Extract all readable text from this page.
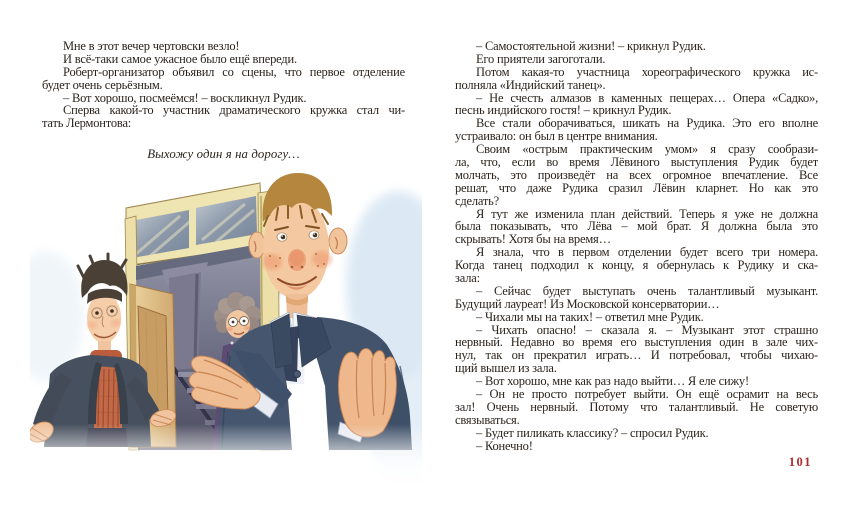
Мне в этот вечер чертовски везло!
И всё-таки самое ужасное было ещё впереди.
Роберт-организатор объявил со сцены, что первое отделение
будет очень серьёзным.
– Вот хорошо, посмеёмся! – воскликнул Рудик.
Сперва какой-то участник драматического кружка стал чи-
тать Лермонтова:
Выхожу один я на дорогу…
– Самостоятельной жизни! – крикнул Рудик.
Его приятели загоготали.
Потом какая-то участница хореографического кружка ис-
полняла «Индийский танец».
– Не счесть алмазов в каменных пещерах… Опера «Садко»,
песнь индийского гостя! – крикнул Рудик.
Все стали оборачиваться, шикать на Рудика. Это его вполне
устраивало: он был в центре внимания.
Своим «острым практическим умом» я сразу сообрази-
ла, что, если во время Лёвиного выступления Рудик будет
молчать, это произведёт на всех огромное впечатление. Все
решат, что даже Рудика сразил Лёвин кларнет. Но как это
сделать?
Я тут же изменила план действий. Теперь я уже не должна
была показывать, что Лёва – мой брат. Я должна была это
скрывать! Хотя бы на время…
Я знала, что в первом отделении будет всего три номера.
Когда танец подходил к концу, я обернулась к Рудику и ска-
зала:
– Сейчас будет выступать очень талантливый музыкант.
Будущий лауреат! Из Московской консерватории…
– Чихали мы на таких! – ответил мне Рудик.
– Чихать опасно! – сказала я. – Музыкант этот страшно
нервный. Недавно во время его выступления один в зале чих-
нул, так он прекратил играть… И потребовал, чтобы чихаю-
щий вышел из зала.
– Вот хорошо, мне как раз надо выйти… Я еле сижу!
– Он не просто потребует выйти. Он ещё осрамит на весь
зал! Очень нервный. Потому что талантливый. Не советую
связываться.
– Будет пиликать классику? – спросил Рудик.
– Конечно!
101
